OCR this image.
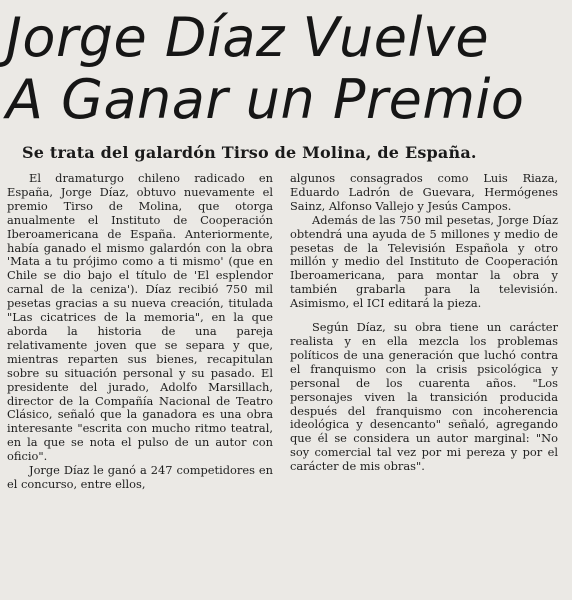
Jorge Díaz Vuelve
A Ganar un Premio
Se trata del galardón Tirso de Molina, de España.

El dramaturgo chileno radicado en España, Jorge Díaz, obtuvo nuevamente el premio Tirso de Molina, que otorga anualmente el Instituto de Cooperación Iberoamericana de España. Anteriormente, había ganado el mismo galardón con la obra 'Mata a tu prójimo como a ti mismo' (que en Chile se dio bajo el título de 'El esplendor carnal de la ceniza'). Díaz recibió 750 mil pesetas gracias a su nueva creación, titulada "Las cicatrices de la memoria", en la que aborda la historia de una pareja relativamente joven que se separa y que, mientras reparten sus bienes, recapitulan sobre su situación personal y su pasado. El presidente del jurado, Adolfo Marsillach, director de la Compañía Nacional de Teatro Clásico, señaló que la ganadora es una obra interesante "escrita con mucho ritmo teatral, en la que se nota el pulso de un autor con oficio".

Jorge Díaz le ganó a 247 competidores en el concurso, entre ellos,

algunos consagrados como Luis Riaza, Eduardo Ladrón de Guevara, Hermógenes Sainz, Alfonso Vallejo y Jesús Campos.

Además de las 750 mil pesetas, Jorge Díaz obtendrá una ayuda de 5 millones y medio de pesetas de la Televisión Española y otro millón y medio del Instituto de Cooperación Iberoamericana, para montar la obra y también grabarla para la televisión. Asimismo, el ICI editará la pieza.

Según Díaz, su obra tiene un carácter realista y en ella mezcla los problemas políticos de una generación que luchó contra el franquismo con la crisis psicológica y personal de los cuarenta años. "Los personajes viven la transición producida después del franquismo con incoherencia ideológica y desencanto" señaló, agregando que él se considera un autor marginal: "No soy comercial tal vez por mi pereza y por el carácter de mis obras".
